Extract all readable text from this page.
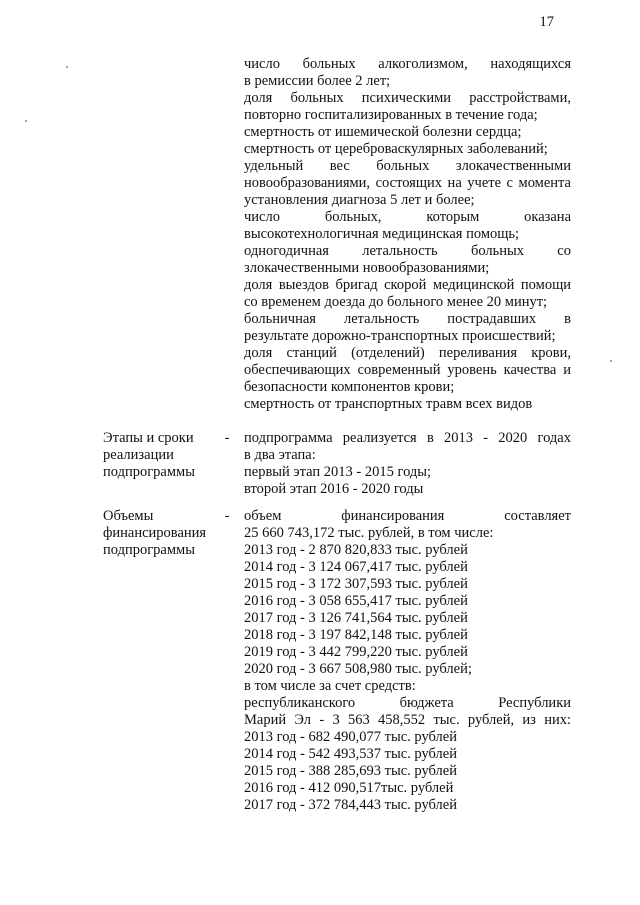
17
число больных алкоголизмом, находящихся
в ремиссии более 2 лет;
доля больных психическими расстройствами,
повторно госпитализированных в течение года;
смертность от ишемической болезни сердца;
смертность от цереброваскулярных заболеваний;
удельный вес больных злокачественными
новообразованиями, состоящих на учете с момента
установления диагноза 5 лет и более;
число больных, которым оказана
высокотехнологичная медицинская помощь;
одногодичная летальность больных со
злокачественными новообразованиями;
доля выездов бригад скорой медицинской помощи
со временем доезда до больного менее 20 минут;
больничная летальность пострадавших в
результате дорожно-транспортных происшествий;
доля станций (отделений) переливания крови,
обеспечивающих современный уровень качества и
безопасности компонентов крови;
смертность от транспортных травм всех видов
Этапы и сроки
реализации
подпрограммы
- подпрограмма реализуется в 2013 - 2020 годах
в два этапа:
первый этап 2013 - 2015 годы;
второй этап 2016 - 2020 годы
Объемы
финансирования
подпрограммы
- объем финансирования составляет
25 660 743,172 тыс. рублей, в том числе:
2013 год - 2 870 820,833 тыс. рублей
2014 год - 3 124 067,417 тыс. рублей
2015 год - 3 172 307,593 тыс. рублей
2016 год - 3 058 655,417 тыс. рублей
2017 год - 3 126 741,564 тыс. рублей
2018 год - 3 197 842,148 тыс. рублей
2019 год - 3 442 799,220 тыс. рублей
2020 год - 3 667 508,980 тыс. рублей;
в том числе за счет средств:
республиканского бюджета Республики
Марий Эл - 3 563 458,552 тыс. рублей, из них:
2013 год - 682 490,077 тыс. рублей
2014 год - 542 493,537 тыс. рублей
2015 год - 388 285,693 тыс. рублей
2016 год - 412 090,517тыс. рублей
2017 год - 372 784,443 тыс. рублей
